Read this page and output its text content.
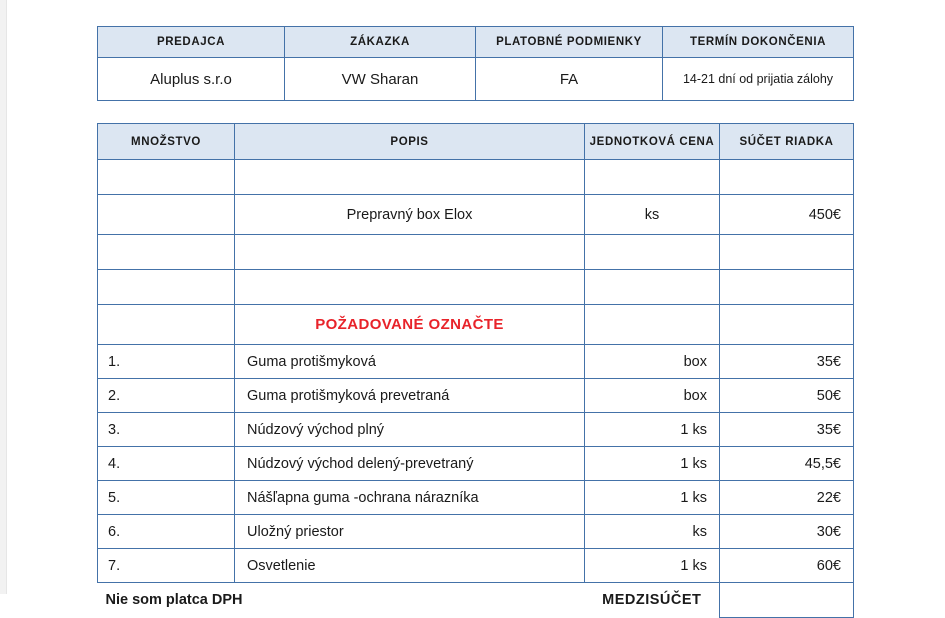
PREDAJCA	ZÁKAZKA	PLATOBNÉ PODMIENKY	TERMÍN DOKONČENIA
Aluplus s.r.o	VW Sharan	FA	14-21 dní od prijatia zálohy
MNOŽSTVO	POPIS	JEDNOTKOVÁ CENA	SÚČET RIADKA

	Prepravný box Elox	ks	450€

	POŽADOVANÉ OZNAČTE		
1.	Guma protišmyková	box	35€
2.	Guma protišmyková prevetraná	box	50€
3.	Núdzový východ plný	1 ks	35€
4.	Núdzový východ delený-prevetraný	1 ks	45,5€
5.	Nášľapna guma -ochrana nárazníka	1 ks	22€
6.	Uložný priestor	ks	30€
7.	Osvetlenie	1 ks	60€
Nie som platca DPH		MEDZISÚČET	
